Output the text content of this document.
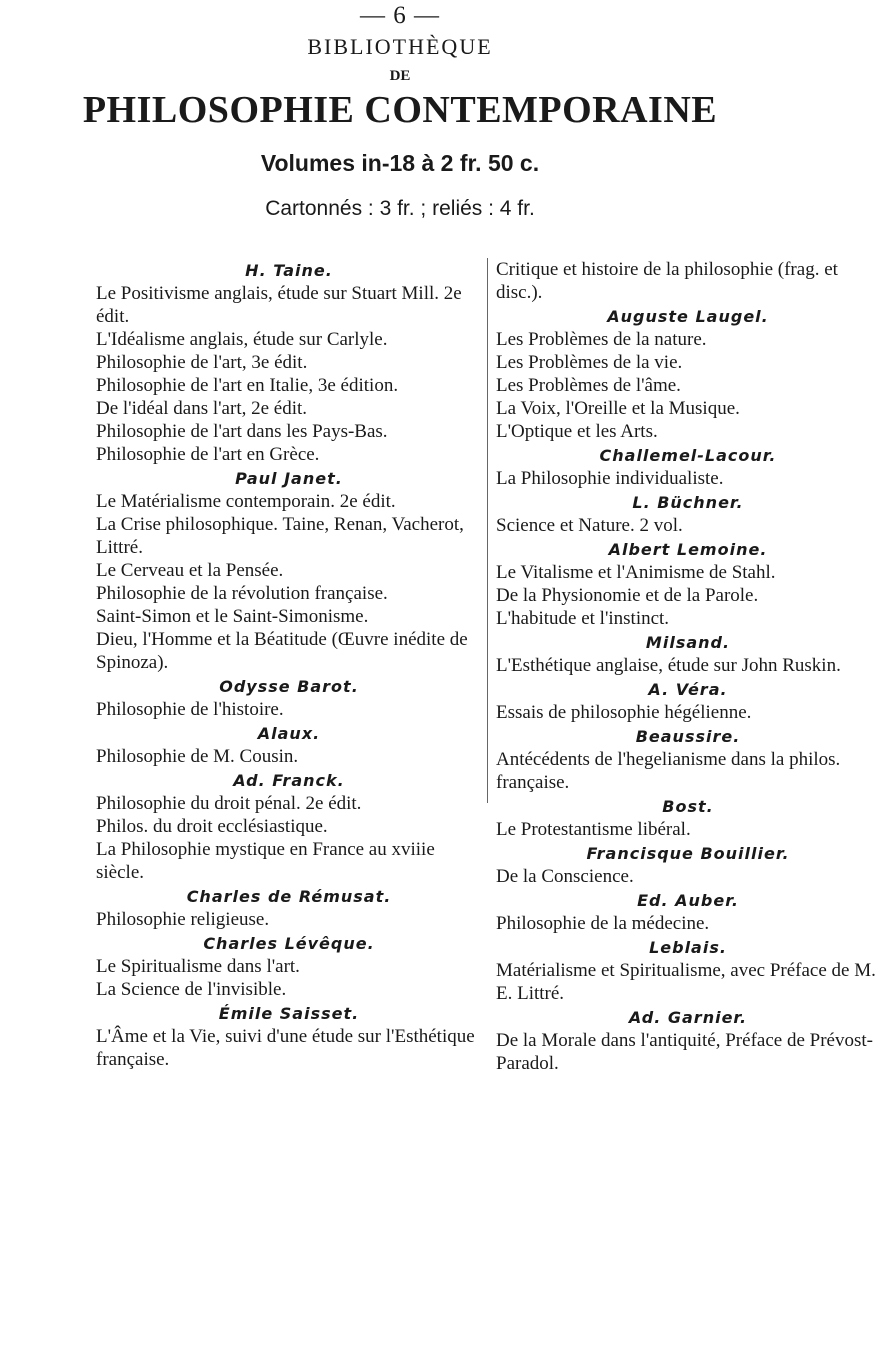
— 6 —
BIBLIOTHÈQUE
DE
PHILOSOPHIE CONTEMPORAINE
Volumes in-18 à 2 fr. 50 c.
Cartonnés : 3 fr. ; reliés : 4 fr.
H. Taine.
Le Positivisme anglais, étude sur Stuart Mill. 2e édit.
L'Idéalisme anglais, étude sur Carlyle.
Philosophie de l'art, 3e édit.
Philosophie de l'art en Italie, 3e édition.
De l'idéal dans l'art, 2e édit.
Philosophie de l'art dans les Pays-Bas.
Philosophie de l'art en Grèce.
Paul Janet.
Le Matérialisme contemporain. 2e édit.
La Crise philosophique. Taine, Renan, Vacherot, Littré.
Le Cerveau et la Pensée.
Philosophie de la révolution française.
Saint-Simon et le Saint-Simonisme.
Dieu, l'Homme et la Béatitude (Œuvre inédite de Spinoza).
Odysse Barot.
Philosophie de l'histoire.
Alaux.
Philosophie de M. Cousin.
Ad. Franck.
Philosophie du droit pénal. 2e édit.
Philos. du droit ecclésiastique.
La Philosophie mystique en France au xviiie siècle.
Charles de Rémusat.
Philosophie religieuse.
Charles Lévêque.
Le Spiritualisme dans l'art.
La Science de l'invisible.
Émile Saisset.
L'Âme et la Vie, suivi d'une étude sur l'Esthétique française.
Critique et histoire de la philosophie (frag. et disc.).
Auguste Laugel.
Les Problèmes de la nature.
Les Problèmes de la vie.
Les Problèmes de l'âme.
La Voix, l'Oreille et la Musique.
L'Optique et les Arts.
Challemel-Lacour.
La Philosophie individualiste.
L. Büchner.
Science et Nature. 2 vol.
Albert Lemoine.
Le Vitalisme et l'Animisme de Stahl.
De la Physionomie et de la Parole.
L'habitude et l'instinct.
Milsand.
L'Esthétique anglaise, étude sur John Ruskin.
A. Véra.
Essais de philosophie hégélienne.
Beaussire.
Antécédents de l'hegelianisme dans la philos. française.
Bost.
Le Protestantisme libéral.
Francisque Bouillier.
De la Conscience.
Ed. Auber.
Philosophie de la médecine.
Leblais.
Matérialisme et Spiritualisme, avec Préface de M. E. Littré.
Ad. Garnier.
De la Morale dans l'antiquité, Préface de Prévost-Paradol.
